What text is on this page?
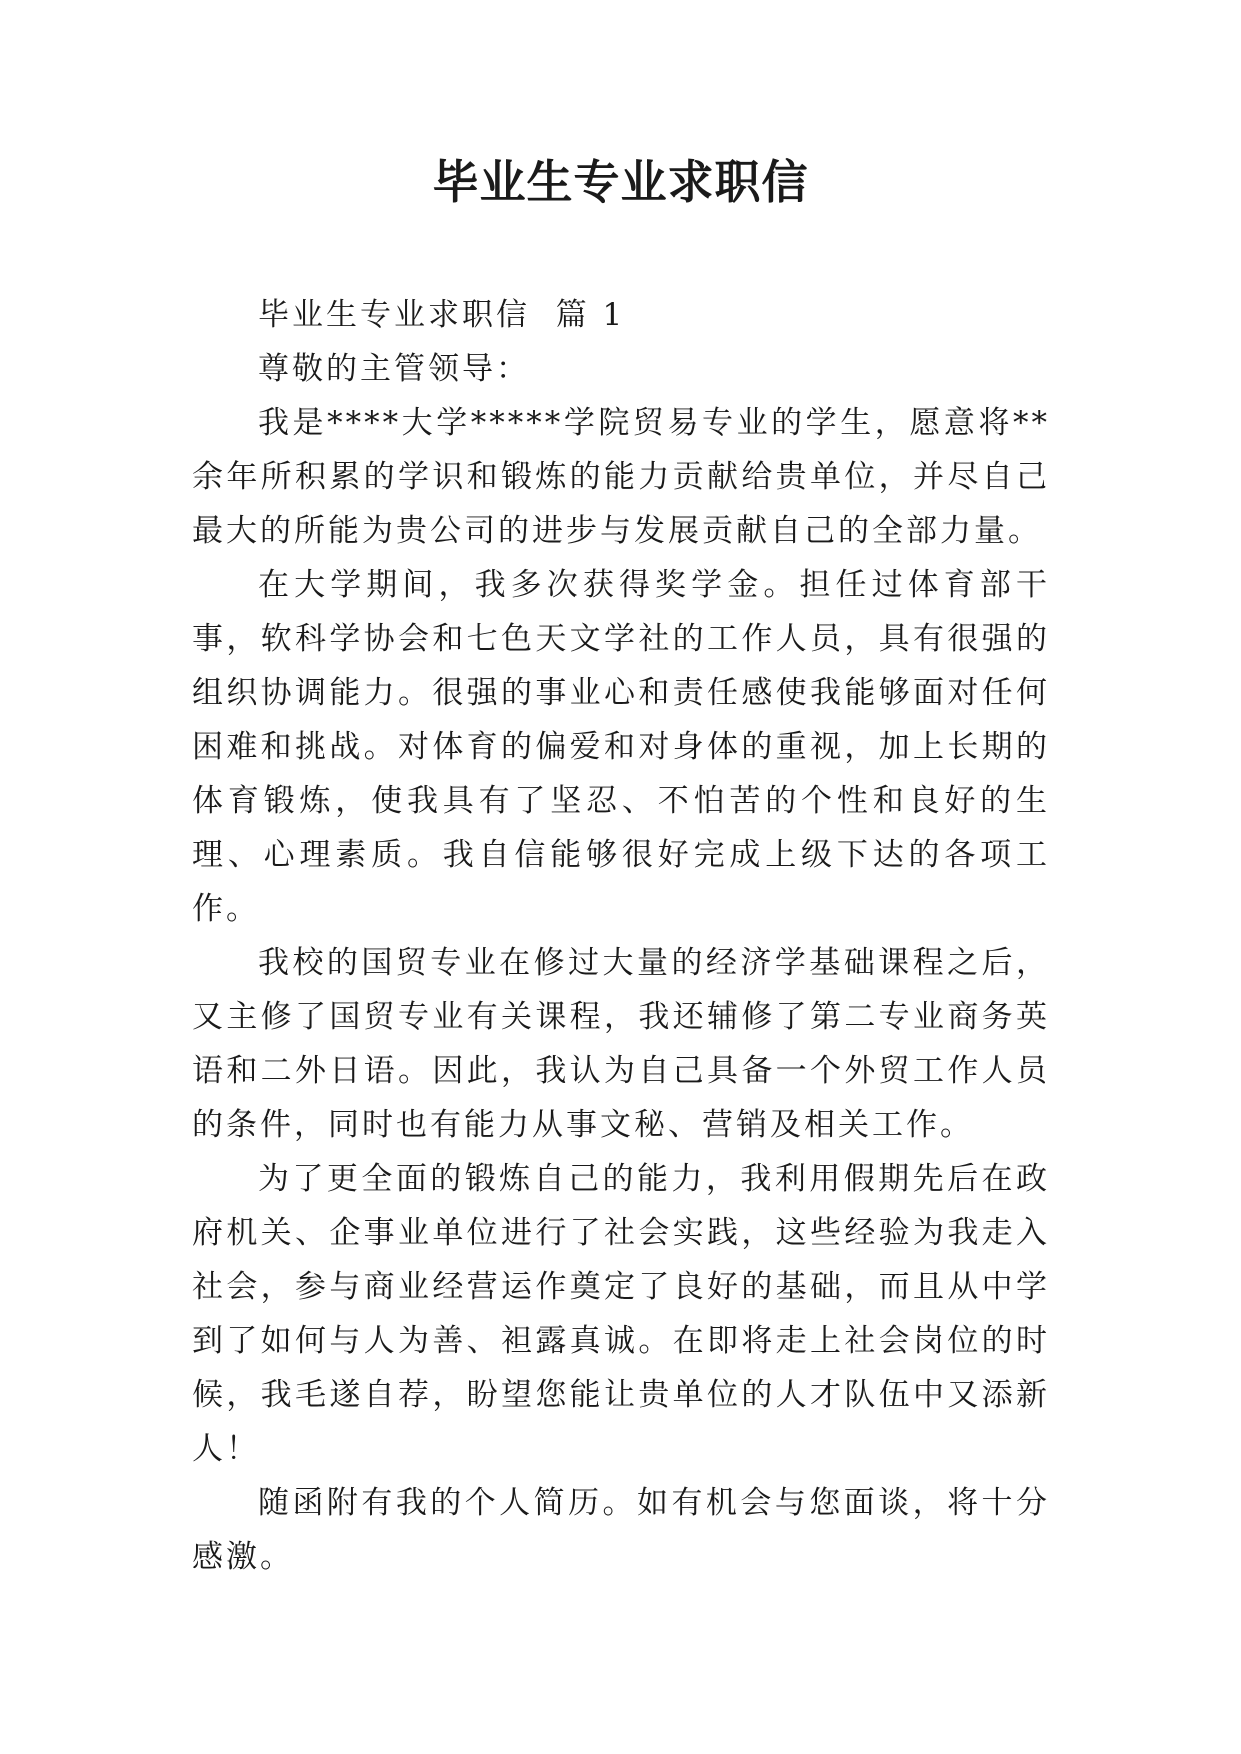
毕业生专业求职信

毕业生专业求职信  篇 1

尊敬的主管领导：

我是****大学*****学院贸易专业的学生，愿意将**余年所积累的学识和锻炼的能力贡献给贵单位，并尽自己最大的所能为贵公司的进步与发展贡献自己的全部力量。

在大学期间，我多次获得奖学金。担任过体育部干事，软科学协会和七色天文学社的工作人员，具有很强的组织协调能力。很强的事业心和责任感使我能够面对任何困难和挑战。对体育的偏爱和对身体的重视，加上长期的体育锻炼，使我具有了坚忍、不怕苦的个性和良好的生理、心理素质。我自信能够很好完成上级下达的各项工作。

我校的国贸专业在修过大量的经济学基础课程之后，又主修了国贸专业有关课程，我还辅修了第二专业商务英语和二外日语。因此，我认为自己具备一个外贸工作人员的条件，同时也有能力从事文秘、营销及相关工作。

为了更全面的锻炼自己的能力，我利用假期先后在政府机关、企事业单位进行了社会实践，这些经验为我走入社会，参与商业经营运作奠定了良好的基础，而且从中学到了如何与人为善、袒露真诚。在即将走上社会岗位的时候，我毛遂自荐，盼望您能让贵单位的人才队伍中又添新人！

随函附有我的个人简历。如有机会与您面谈，将十分感激。
